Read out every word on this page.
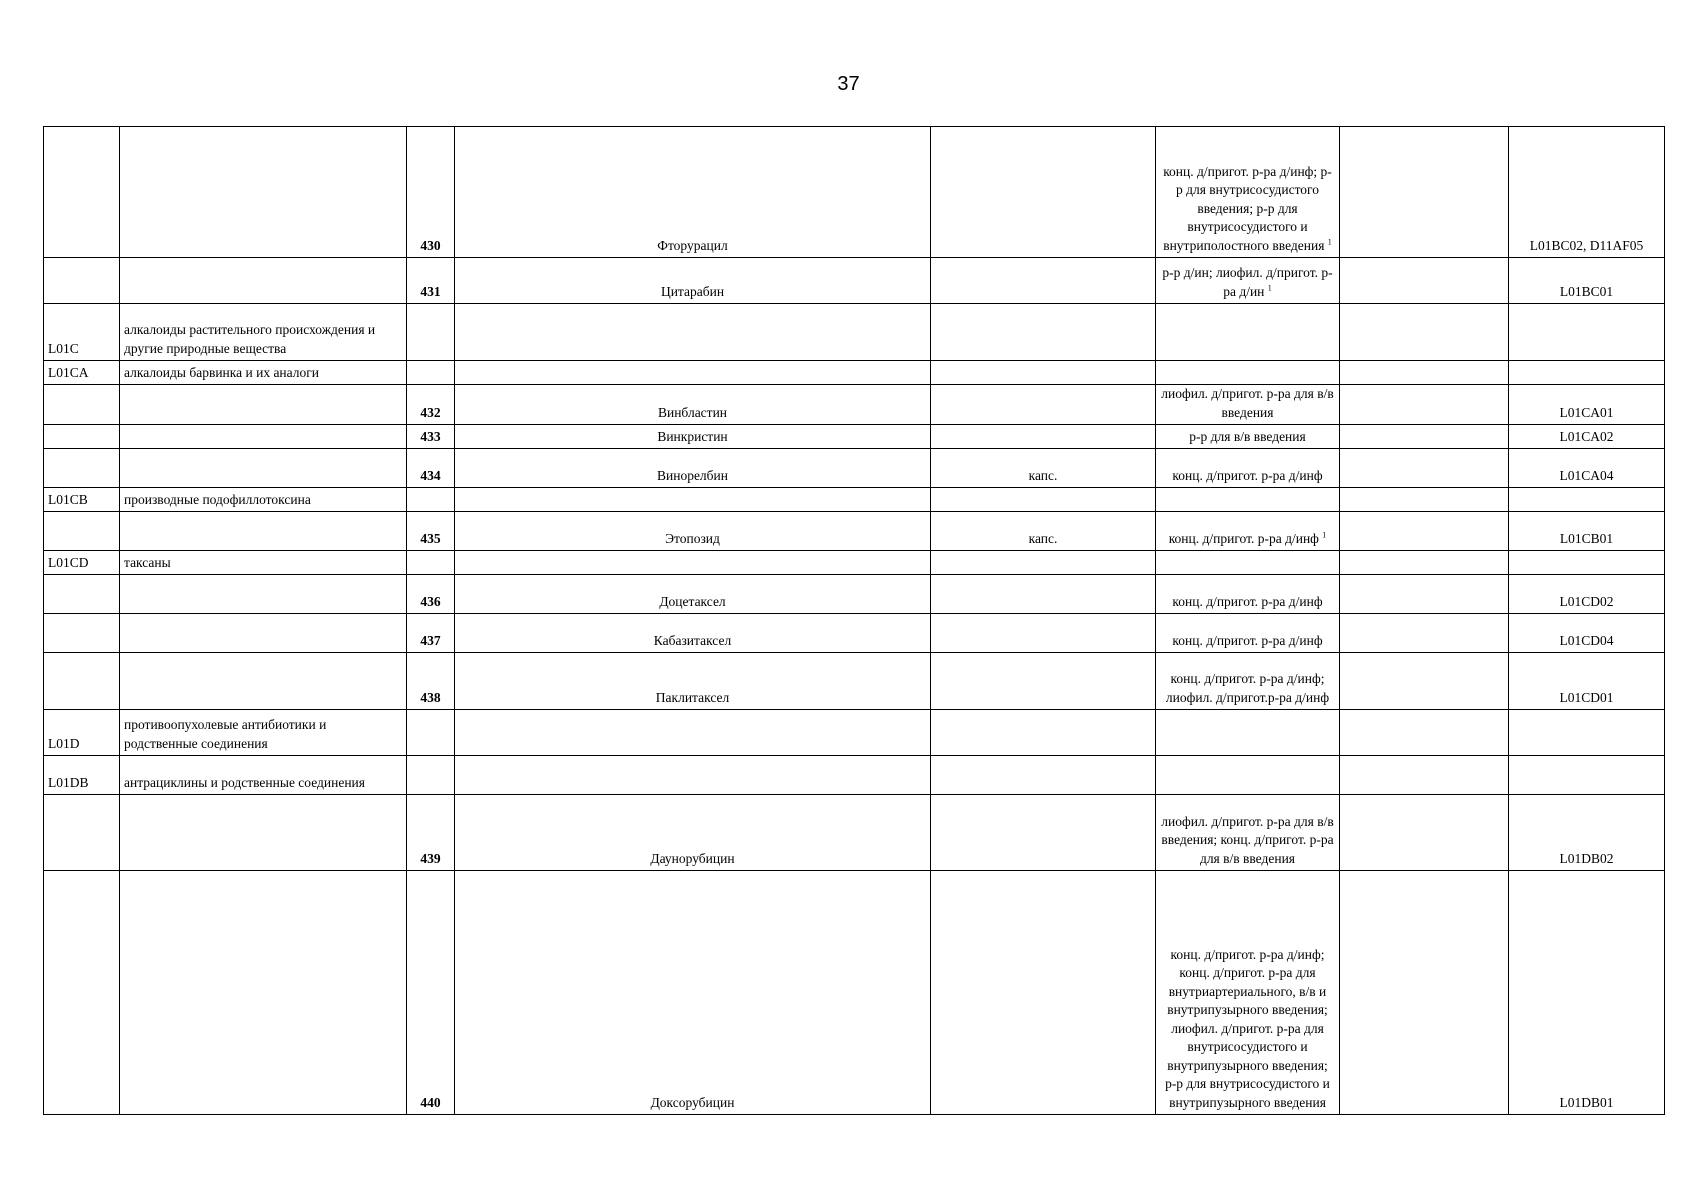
37
		430	Фторурацил		конц. д/пригот. р-ра д/инф; р-р для внутрисосудистого введения; р-р для внутрисосудистого и внутриполостного введения $^1$		L01BC02, D11AF05
		431	Цитарабин		р-р д/ин; лиофил. д/пригот. р-ра д/ин $^1$		L01BC01
L01C	алкалоиды растительного происхождения и другие природные вещества						
L01CA	алкалоиды барвинка и их аналоги						
		432	Винбластин		лиофил. д/пригот. р-ра для в/в введения		L01CA01
		433	Винкристин		р-р для в/в введения		L01CA02
		434	Винорелбин	капс.	конц. д/пригот. р-ра д/инф		L01CA04
L01CB	производные подофиллотоксина						
		435	Этопозид	капс.	конц. д/пригот. р-ра д/инф $^1$		L01CB01
L01CD	таксаны						
		436	Доцетаксел		конц. д/пригот. р-ра д/инф		L01CD02
		437	Кабазитаксел		конц. д/пригот. р-ра д/инф		L01CD04
		438	Паклитаксел		конц. д/пригот. р-ра д/инф; лиофил. д/пригот.р-ра д/инф		L01CD01
L01D	противоопухолевые антибиотики и родственные соединения						
L01DB	антрациклины и родственные соединения						
		439	Даунорубицин		лиофил. д/пригот. р-ра для в/в введения; конц. д/пригот. р-ра для в/в введения		L01DB02
		440	Доксорубицин		конц. д/пригот. р-ра д/инф; конц. д/пригот. р-ра для внутриартериального, в/в и внутрипузырного введения; лиофил. д/пригот. р-ра для внутрисосудистого и внутрипузырного введения; р-р для внутрисосудистого и внутрипузырного введения		L01DB01
